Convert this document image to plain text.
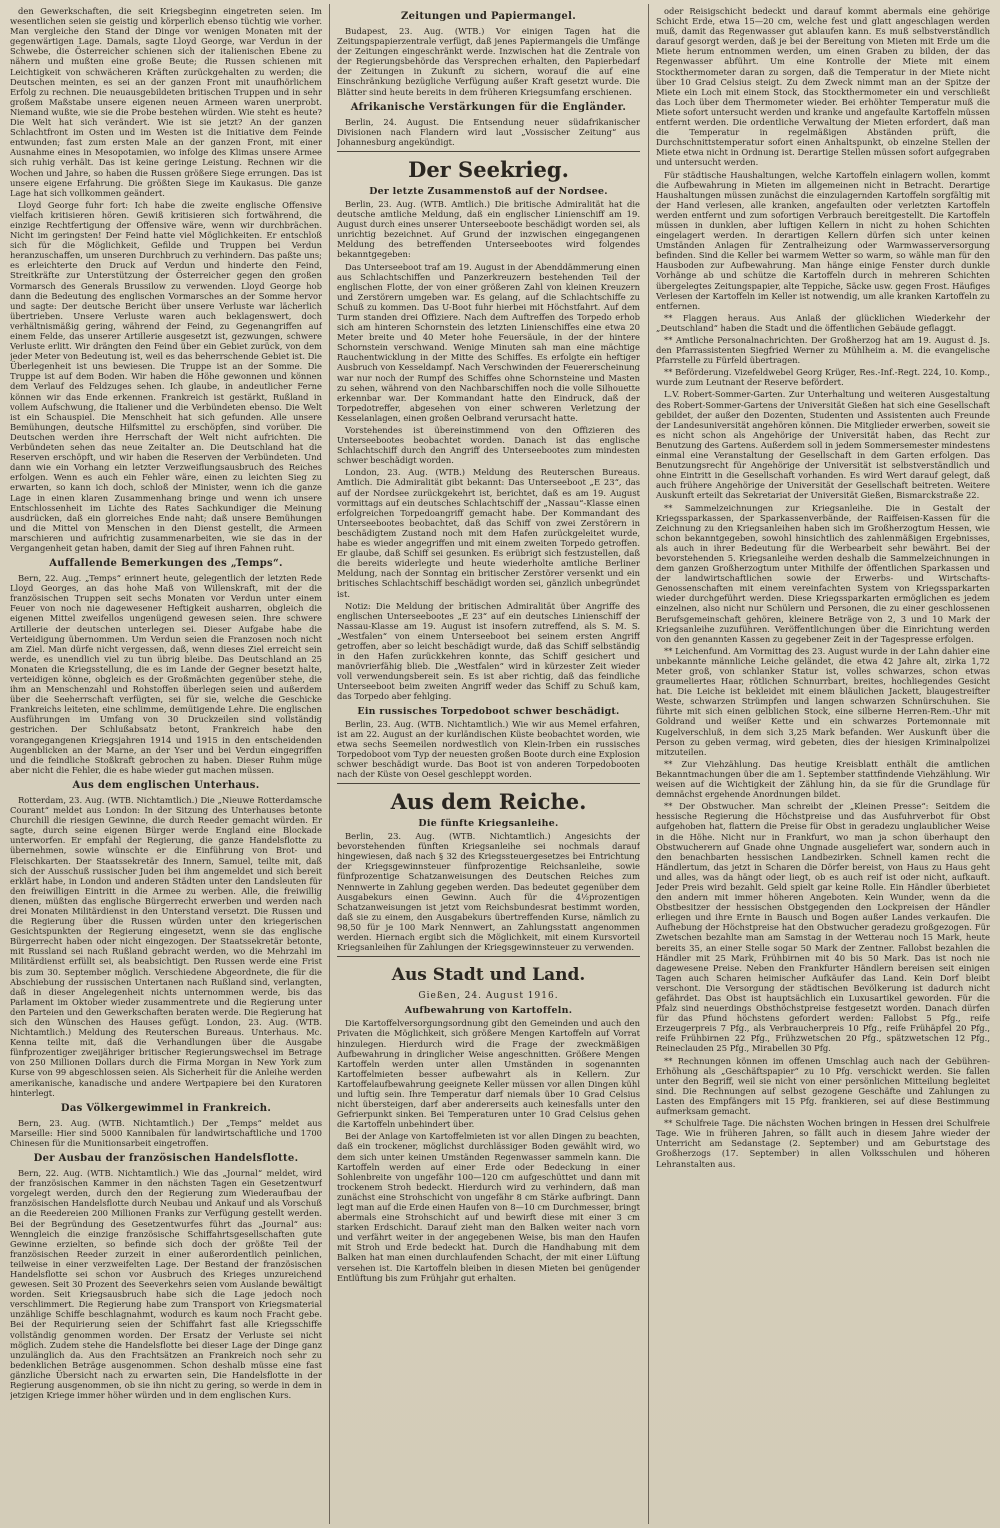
den Gewerkschaften, die seit Kriegsbeginn eingetreten seien. Im wesentlichen seien sie geistig und körperlich ebenso tüchtig wie vorher. Man vergleiche den Stand der Dinge vor wenigen Monaten mit der gegenwärtigen Lage. Damals, sagte Lloyd George, war Verdun in der Schwebe, die Österreicher schienen sich der italienischen Ebene zu nähern und mußten eine große Beute; die Russen schienen mit Leichtigkeit von schwächeren Kräften zurückgehalten zu werden; die Deutschen meinten, es sei an der ganzen Front mit unaufhörlichem Erfolg zu rechnen. Die neuausgebildeten britischen Truppen und in sehr großem Maßstabe unsere eigenen neuen Armeen waren unerprobt. Niemand wußte, wie sie die Probe bestehen würden. Wie steht es heute? Die Welt hat sich verändert. Wie ist sie jetzt? An der ganzen Schlachtfront im Osten und im Westen ist die Initiative dem Feinde entwunden; fast zum ersten Male an der ganzen Front, mit einer Ausnahme eines in Mesopotamien, wo infolge des Klimas unsere Armee sich ruhig verhält. Das ist keine geringe Leistung. Rechnen wir die Wochen und Jahre, so haben die Russen größere Siege errungen. Das ist unsere eigene Erfahrung. Die größten Siege im Kaukasus. Die ganze Lage hat sich vollkommen geändert.

Lloyd George fuhr fort: Ich habe die zweite englische Offensive vielfach kritisieren hören. Gewiß kritisieren sich fortwährend, die einzige Rechtfertigung der Offensive wäre, wenn wir durchbrächen. Nicht im geringsten! Der Feind hatte viel Möglichkeiten. Er entschloß sich für die Möglichkeit, Gefilde und Truppen bei Verdun heranzuschaffen, um unseren Durchbruch zu verhindern. Das paßte uns; es erleichterte den Druck auf Verdun und hinderte den Feind, Streitkräfte zur Unterstützung der Österreicher gegen den großen Vormarsch des Generals Brussilow zu verwenden. Lloyd George hob dann die Bedeutung des englischen Vormarsches an der Somme hervor und sagte: Der deutsche Bericht über unsere Verluste war lächerlich übertrieben. Unsere Verluste waren auch beklagenswert, doch verhältnismäßig gering, während der Feind, zu Gegenangriffen auf einem Felde, das unserer Artillerie ausgesetzt ist, gezwungen, schwere Verluste erlitt. Wir drängten den Feind über ein Gebiet zurück, von dem jeder Meter von Bedeutung ist, weil es das beherrschende Gebiet ist. Die Überlegenheit ist uns bewiesen. Die Truppe ist an der Somme. Die Truppe ist auf dem Boden. Wir haben die Höhe gewonnen und können dem Verlauf des Feldzuges sehen. Ich glaube, in andeutlicher Ferne können wir das Ende erkennen. Frankreich ist gestärkt, Rußland in vollem Aufschwung, die Italiener und die Verbündeten ebenso. Die Welt ist ein Schauspiel. Die Menschheit hat sich gefunden. Alle unsere Bemühungen, deutsche Hilfsmittel zu erschöpfen, sind vorüber. Die Deutschen werden ihre Herrschaft der Welt nicht aufrichten. Die Verbündeten sehen das neue Zeitalter an. Die Deutschland hat die Reserven erschöpft, und wir haben die Reserven der Verbündeten. Und dann wie ein Vorhang ein letzter Verzweiflungsausbruch des Reiches erfolgen. Wenn es auch ein Fehler wäre, einen zu leichten Sieg zu erwarten, so kann ich doch, schloß der Minister, wenn ich die ganze Lage in einen klaren Zusammenhang bringe und wenn ich unsere Entschlossenheit im Lichte des Rates Sachkundiger die Meinung ausdrücken, daß ein glorreiches Ende naht; daß unsere Bemühungen und die Mittel von Menschen in den Dienst gestellt, die Armeen marschieren und aufrichtig zusammenarbeiten, wie sie das in der Vergangenheit getan haben, damit der Sieg auf ihren Fahnen ruht.

Auffallende Bemerkungen des „Temps“.

Bern, 22. Aug. „Temps“ erinnert heute, gelegentlich der letzten Rede Lloyd Georges, an das hohe Maß von Willenskraft, mit der die französischen Truppen seit sechs Monaten vor Verdun unter einem Feuer von noch nie dagewesener Heftigkeit ausharren, obgleich die eigenen Mittel zweifellos ungenügend gewesen seien. Ihre schwere Artillerie der deutschen unterlegen sei. Dieser Aufgabe habe die Verteidigung übernommen. Um Verdun seien die Franzosen noch nicht am Ziel. Man dürfe nicht vergessen, daß, wenn dieses Ziel erreicht sein werde, es unendlich viel zu tun übrig bleibe. Das Deutschland an 25 Monaten die Kriegsstellung, die es im Lande der Gegner besetzt halte, verteidigen könne, obgleich es der Großmächten gegenüber stehe, die ihm an Menschenzahl und Rohstoffen überlegen seien und außerdem über die Seeherrschaft verfügten, sei für sie, welche die Geschicke Frankreichs leiteten, eine schlimme, demütigende Lehre. Die englischen Ausführungen im Umfang von 30 Druckzeilen sind vollständig gestrichen. Der Schlußabsatz betont, Frankreich habe den vorangegangenen Kriegsjahren 1914 und 1915 in den entscheidenden Augenblicken an der Marne, an der Yser und bei Verdun eingegriffen und die feindliche Stoßkraft gebrochen zu haben. Dieser Ruhm müge aber nicht die Fehler, die es habe wieder gut machen müssen.

Aus dem englischen Unterhaus.

Rotterdam, 23. Aug. (WTB. Nichtamtlich.) Die „Nieuwe Rotterdamsche Courant“ meldet aus London: In der Sitzung des Unterhauses betonte Churchill die riesigen Gewinne, die durch Reeder gemacht würden. Er sagte, durch seine eigenen Bürger werde England eine Blockade unterworfen. Er empfahl der Regierung, die ganze Handelsflotte zu übernehmen, sowie wünschte er die Einführung von Brot- und Fleischkarten. Der Staatssekretär des Innern, Samuel, teilte mit, daß sich der Ausschuß russischer Juden bei ihm angemeldet und sich bereit erklärt habe, in London und anderen Städten unter den Landsleuten für den freiwilligen Eintritt in die Armee zu werben. Alle, die freiwillig dienen, müßten das englische Bürgerrecht erwerben und werden nach drei Monaten Militärdienst in den Unterstand versetzt. Die Russen und die Regierung über die Russen würden unter den kriegerischen Gesichtspunkten der Regierung eingesetzt, wenn sie das englische Bürgerrecht haben oder nicht eingezogen. Der Staatssekretär betonte, mit Russland sei nach Rußland gebracht werden, wo die Mehrzahl im Militärdienst erfüllt sei, als beabsichtigt. Den Russen werde eine Frist bis zum 30. September möglich. Verschiedene Abgeordnete, die für die Abschiebung der russischen Untertanen nach Rußland sind, verlangten, daß in dieser Angelegenheit nichts unternommen werde, bis das Parlament im Oktober wieder zusammentrete und die Regierung unter den Parteien und den Gewerkschaften beraten werde. Die Regierung hat sich den Wünschen des Hauses gefügt. London, 23. Aug. (WTB. Nichtamtlich.) Meldung des Reuterschen Bureaus. Unterhaus. Mc. Kenna teilte mit, daß die Verhandlungen über die Ausgabe fünfprozentiger zweijähriger britischer Regierungswechsel im Betrage von 250 Millionen Dollars durch die Firma Morgan in New York zum Kurse von 99 abgeschlossen seien. Als Sicherheit für die Anleihe werden amerikanische, kanadische und andere Wertpapiere bei den Kuratoren hinterlegt.

Das Völkergewimmel in Frankreich.

Bern, 23. Aug. (WTB. Nichtamtlich.) Der „Temps“ meldet aus Marseille: Hier sind 5000 Kannibalen für landwirtschaftliche und 1700 Chinesen für die Munitionsarbeit eingetroffen.

Der Ausbau der französischen Handelsflotte.

Bern, 22. Aug. (WTB. Nichtamtlich.) Wie das „Journal“ meldet, wird der französischen Kammer in den nächsten Tagen ein Gesetzentwurf vorgelegt werden, durch den der Regierung zum Wiederaufbau der französischen Handelsflotte durch Neubau und Ankauf und als Vorschuß an die Reedereien 200 Millionen Franks zur Verfügung gestellt werden. Bei der Begründung des Gesetzentwurfes führt das „Journal“ aus: Wenngleich die einzige französische Schiffahrtsgesellschaften gute Gewinne erzielten, so befinde sich doch der größte Teil der französischen Reeder zurzeit in einer außerordentlich peinlichen, teilweise in einer verzweifelten Lage. Der Bestand der französischen Handelsflotte sei schon vor Ausbruch des Krieges unzureichend gewesen. Seit 30 Prozent des Seeverkehrs seien vom Auslande bewältigt worden. Seit Kriegsausbruch habe sich die Lage jedoch noch verschlimmert. Die Regierung habe zum Transport von Kriegsmaterial unzählige Schiffe beschlagnahmt, wodurch es kaum noch Fracht gebe. Bei der Requirierung seien der Schiffahrt fast alle Kriegsschiffe vollständig genommen worden. Der Ersatz der Verluste sei nicht möglich. Zudem stehe die Handelsflotte bei dieser Lage der Dinge ganz unzulänglich da. Aus den Frachtsätzen an Frankreich noch sehr zu bedenklichen Beträge ausgenommen. Schon deshalb müsse eine fast gänzliche Übersicht nach zu erwarten sein, Die Handelsflotte in der Regierung ausgenommen, ob sie ihn nicht zu gering, so werde in dem in jetzigen Kriege immer höher würden und in dem englischen Kurs.

Zeitungen und Papiermangel.

Budapest, 23. Aug. (WTB.) Vor einigen Tagen hat die Zeitungspapierzentrale verfügt, daß jenes Papiermangels die Umfänge der Zeitungen eingeschränkt werde. Inzwischen hat die Zentrale von der Regierungsbehörde das Versprechen erhalten, den Papierbedarf der Zeitungen in Zukunft zu sichern, worauf die auf eine Einschränkung bezügliche Verfügung außer Kraft gesetzt wurde. Die Blätter sind heute bereits in dem früheren Kriegsumfang erschienen.

Afrikanische Verstärkungen für die Engländer.

Berlin, 24. August. Die Entsendung neuer südafrikanischer Divisionen nach Flandern wird laut „Vossischer Zeitung“ aus Johannesburg angekündigt.

Der Seekrieg.
Der letzte Zusammenstoß auf der Nordsee.

Berlin, 23. Aug. (WTB. Amtlich.) Die britische Admiralität hat die deutsche amtliche Meldung, daß ein englischer Linienschiff am 19. August durch eines unserer Unterseeboote beschädigt worden sei, als unrichtig bezeichnet. Auf Grund der inzwischen eingegangenen Meldung des betreffenden Unterseebootes wird folgendes bekanntgegeben:

Das Unterseeboot traf am 19. August in der Abenddämmerung einen aus Schlachtschiffen und Panzerkreuzern bestehenden Teil der englischen Flotte, der von einer größeren Zahl von kleinen Kreuzern und Zerstörern umgeben war. Es gelang, auf die Schlachtschiffe zu Schuß zu kommen. Das U-Boot fuhr hierbei mit Höchstfahrt. Auf dem Turm standen drei Offiziere. Nach dem Auftreffen des Torpedo erhob sich am hinteren Schornstein des letzten Linienschiffes eine etwa 20 Meter breite und 40 Meter hohe Feuersäule, in der der hintere Schornstein verschwand. Wenige Minuten sah man eine mächtige Rauchentwicklung in der Mitte des Schiffes. Es erfolgte ein heftiger Ausbruch von Kesseldampf. Nach Verschwinden der Feuererscheinung war nur noch der Rumpf des Schiffes ohne Schornsteine und Masten zu sehen, während von den Nachbarschiffen noch die volle Silhouette erkennbar war. Der Kommandant hatte den Eindruck, daß der Torpedotreffer, abgesehen von einer schweren Verletzung der Kesselanlagen, einen großen Oelbrand verursacht hatte.

Vorstehendes ist übereinstimmend von den Offizieren des Unterseebootes beobachtet worden. Danach ist das englische Schlachtschiff durch den Angriff des Unterseebootes zum mindesten schwer beschädigt worden.

London, 23. Aug. (WTB.) Meldung des Reuterschen Bureaus. Amtlich. Die Admiralität gibt bekannt: Das Unterseeboot „E 23“, das auf der Nordsee zurückgekehrt ist, berichtet, daß es am 19. August vormittags auf ein deutsches Schlachtschiff der „Nassau“-Klasse einen erfolgreichen Torpedoangriff gemacht habe. Der Kommandant des Unterseebootes beobachtet, daß das Schiff von zwei Zerstörern in beschädigtem Zustand noch mit dem Hafen zurückgeleitet wurde, habe es wieder angegriffen und mit einem zweiten Torpedo getroffen. Er glaube, daß Schiff sei gesunken. Es erübrigt sich festzustellen, daß die bereits widerlegte und heute wiederholte amtliche Berliner Meldung, nach der Sonntag ein britischer Zerstörer versenkt und ein britisches Schlachtschiff beschädigt worden sei, gänzlich unbegründet ist.

Notiz: Die Meldung der britischen Admiralität über Angriffe des englischen Unterseebootes „E 23“ auf ein deutsches Linienschiff der Nassau-Klasse am 19. August ist insofern zutreffend, als S. M. S. „Westfalen“ von einem Unterseeboot bei seinem ersten Angriff getroffen, aber so leicht beschädigt wurde, daß das Schiff selbständig in den Hafen zurückkehren konnte, das Schiff gesichert und manövrierfähig blieb. Die „Westfalen“ wird in kürzester Zeit wieder voll verwendungsbereit sein. Es ist aber richtig, daß das feindliche Unterseeboot beim zweiten Angriff weder das Schiff zu Schuß kam, das Torpedo aber fehlging.

Ein russisches Torpedoboot schwer beschädigt.

Berlin, 23. Aug. (WTB. Nichtamtlich.) Wie wir aus Memel erfahren, ist am 22. August an der kurländischen Küste beobachtet worden, wie etwa sechs Seemeilen nordwestlich von Klein-Irben ein russisches Torpedoboot vom Typ der neuesten großen Boote durch eine Explosion schwer beschädigt wurde. Das Boot ist von anderen Torpedobooten nach der Küste von Oesel geschleppt worden.

Aus dem Reiche.
Die fünfte Kriegsanleihe.

Berlin, 23. Aug. (WTB. Nichtamtlich.) Angesichts der bevorstehenden fünften Kriegsanleihe sei nochmals darauf hingewiesen, daß nach § 32 des Kriegssteuergesetzes bei Entrichtung der Kriegsgewinnsteuer fünfprozentige Reichsanleihe, sowie fünfprozentige Schatzanweisungen des Deutschen Reiches zum Nennwerte in Zahlung gegeben werden. Das bedeutet gegenüber dem Ausgabekurs einen Gewinn. Auch für die 4½prozentigen Schatzanweisungen ist jetzt vom Reichsbundesrat bestimmt worden, daß sie zu einem, den Ausgabekurs übertreffenden Kurse, nämlich zu 98,50 für je 100 Mark Nennwert, an Zahlungsstatt angenommen werden. Hiernach ergibt sich die Möglichkeit, mit einem Kursvorteil Kriegsanleihen für Zahlungen der Kriegsgewinnsteuer zu verwenden.

Aus Stadt und Land.
Gießen, 24. August 1916.
Aufbewahrung von Kartoffeln.

Die Kartoffelversorgungsordnung gibt den Gemeinden und auch den Privaten die Möglichkeit, sich größere Mengen Kartoffeln auf Vorrat hinzulegen. Hierdurch wird die Frage der zweckmäßigen Aufbewahrung in dringlicher Weise angeschnitten. Größere Mengen Kartoffeln werden unter allen Umständen in sogenannten Kartoffelmieten besser aufbewahrt als in Kellern. Zur Kartoffelaufbewahrung geeignete Keller müssen vor allen Dingen kühl und luftig sein. Ihre Temperatur darf niemals über 10 Grad Celsius nicht übersteigen, darf aber andererseits auch keinesfalls unter den Gefrierpunkt sinken. Bei Temperaturen unter 10 Grad Celsius gehen die Kartoffeln unbehindert über.

Bei der Anlage von Kartoffelmieten ist vor allen Dingen zu beachten, daß ein trockener, möglichst durchlässiger Boden gewählt wird, wo dem sich unter keinen Umständen Regenwasser sammeln kann. Die Kartoffeln werden auf einer Erde oder Bedeckung in einer Sohlenbreite von ungefähr 100—120 cm aufgeschüttet und dann mit trockenem Stroh bedeckt. Hierdurch wird zu verhindern, daß man zunächst eine Strohschicht von ungefähr 8 cm Stärke aufbringt. Dann legt man auf die Erde einen Haufen von 8—10 cm Durchmesser, bringt abermals eine Strohschicht auf und bewirft diese mit einer 3 cm starken Erdschicht. Darauf zieht man den Balken weiter nach vorn und verfährt weiter in der angegebenen Weise, bis man den Haufen mit Stroh und Erde bedeckt hat. Durch die Handhabung mit dem Balken hat man einen durchlaufenden Schacht, der mit einer Lüftung versehen ist. Die Kartoffeln bleiben in diesen Mieten bei genügender Entlüftung bis zum Frühjahr gut erhalten.

oder Reisigschicht bedeckt und darauf kommt abermals eine gehörige Schicht Erde, etwa 15—20 cm, welche fest und glatt angeschlagen werden muß, damit das Regenwasser gut ablaufen kann. Es muß selbstverständlich darauf gesorgt werden, daß je bei der Bereitung von Mieten mit Erde um die Miete herum entnommen werden, um einen Graben zu bilden, der das Regenwasser abführt. Um eine Kontrolle der Miete mit einem Stockthermometer daran zu sorgen, daß die Temperatur in der Miete nicht über 10 Grad Celsius steigt. Zu dem Zweck nimmt man an der Spitze der Miete ein Loch mit einem Stock, das Stockthermometer ein und verschließt das Loch über dem Thermometer wieder. Bei erhöhter Temperatur muß die Miete sofort untersucht werden und kranke und angefaulte Kartoffeln müssen entfernt werden. Die ordentliche Verwaltung der Mieten erfordert, daß man die Temperatur in regelmäßigen Abständen prüft, die Durchschnittstemperatur sofort einen Anhaltspunkt, ob einzelne Stellen der Miete etwa nicht in Ordnung ist. Derartige Stellen müssen sofort aufgegraben und untersucht werden.

Für städtische Haushaltungen, welche Kartoffeln einlagern wollen, kommt die Aufbewahrung in Mieten im allgemeinen nicht in Betracht. Derartige Haushaltungen müssen zunächst die einzulagernden Kartoffeln sorgfältig mit der Hand verlesen, alle kranken, angefaulten oder verletzten Kartoffeln werden entfernt und zum sofortigen Verbrauch bereitgestellt. Die Kartoffeln müssen in dunklen, aber luftigen Kellern in nicht zu hohen Schichten eingelagert werden. In derartigen Kellern dürfen sich unter keinen Umständen Anlagen für Zentralheizung oder Warmwasserversorgung befinden. Sind die Keller bei warmem Wetter so warm, so wähle man für den Hausboden zur Aufbewahrung. Man hänge einige Fenster durch dunkle Vorhänge ab und schütze die Kartoffeln durch in mehreren Schichten übergelegtes Zeitungspapier, alte Teppiche, Säcke usw. gegen Frost. Häufiges Verlesen der Kartoffeln im Keller ist notwendig, um alle kranken Kartoffeln zu entfernen.

** Flaggen heraus. Aus Anlaß der glücklichen Wiederkehr der „Deutschland“ haben die Stadt und die öffentlichen Gebäude geflaggt.

** Amtliche Personalnachrichten. Der Großherzog hat am 19. August d. Js. den Pfarrassistenten Siegfried Werner zu Mühlheim a. M. die evangelische Pfarrstelle zu Fürfeld übertragen.

** Beförderung. Vizefeldwebel Georg Krüger, Res.-Inf.-Regt. 224, 10. Komp., wurde zum Leutnant der Reserve befördert.

L.V. Robert-Sommer-Garten. Zur Unterhaltung und weiteren Ausgestaltung des Robert-Sommer-Gartens der Universität Gießen hat sich eine Gesellschaft gebildet, der außer den Dozenten, Studenten und Assistenten auch Freunde der Landesuniversität angehören können. Die Mitglieder erwerben, soweit sie es nicht schon als Angehörige der Universität haben, das Recht zur Benutzung des Gartens. Außerdem soll in jedem Sommersemester mindestens einmal eine Veranstaltung der Gesellschaft in dem Garten erfolgen. Das Benutzungsrecht für Angehörige der Universität ist selbstverständlich und ohne Eintritt in die Gesellschaft vorhanden. Es wird Wert darauf gelegt, daß auch frühere Angehörige der Universität der Gesellschaft beitreten. Weitere Auskunft erteilt das Sekretariat der Universität Gießen, Bismarckstraße 22.

** Sammelzeichnungen zur Kriegsanleihe. Die in Gestalt der Kriegssparkassen, der Sparkassenverbände, der Raiffeisen-Kassen für die Zeichnung zu den Kriegsanleihen haben sich im Großherzogtum Hessen, wie schon bekanntgegeben, sowohl hinsichtlich des zahlenmäßigen Ergebnisses, als auch in ihrer Bedeutung für die Werbearbeit sehr bewährt. Bei der bevorstehenden 5. Kriegsanleihe werden deshalb die Sammelzeichnungen in dem ganzen Großherzogtum unter Mithilfe der öffentlichen Sparkassen und der landwirtschaftlichen sowie der Erwerbs- und Wirtschafts-Genossenschaften mit einem vereinfachten System von Kriegssparkarten wieder durchgeführt werden. Diese Kriegssparkarten ermöglichen es jedem einzelnen, also nicht nur Schülern und Personen, die zu einer geschlossenen Berufsgemeinschaft gehören, kleinere Beträge von 2, 3 und 10 Mark der Kriegsanleihe zuzuführen. Veröffentlichungen über die Einrichtung werden von den genannten Kassen zu gegebener Zeit in der Tagespresse erfolgen.

** Leichenfund. Am Vormittag des 23. August wurde in der Lahn dahier eine unbekannte männliche Leiche geländet, die etwa 42 Jahre alt, zirka 1,72 Meter groß, von schlanker Statur ist, volles schwarzes, schon etwas graumeliertes Haar, rötlichen Schnurrbart, breites, hochliegendes Gesicht hat. Die Leiche ist bekleidet mit einem bläulichen Jackett, blaugestreifter Weste, schwarzen Strümpfen und langen schwarzen Schnürschuhen. Sie führte mit sich einen gelblichen Stock, eine silberne Herren-Rem.-Uhr mit Goldrand und weißer Kette und ein schwarzes Portemonnaie mit Kugelverschluß, in dem sich 3,25 Mark befanden. Wer Auskunft über die Person zu geben vermag, wird gebeten, dies der hiesigen Kriminalpolizei mitzuteilen.

** Zur Viehzählung. Das heutige Kreisblatt enthält die amtlichen Bekanntmachungen über die am 1. September stattfindende Viehzählung. Wir weisen auf die Wichtigkeit der Zählung hin, da sie für die Grundlage für demnächst ergehende Anordnungen bildet.

** Der Obstwucher. Man schreibt der „Kleinen Presse“: Seitdem die hessische Regierung die Höchstpreise und das Ausfuhrverbot für Obst aufgehoben hat, flattern die Preise für Obst in geradezu unglaublicher Weise in die Höhe. Nicht nur in Frankfurt, wo man ja schon überhaupt den Obstwucherern auf Gnade ohne Ungnade ausgeliefert war, sondern auch in den benachbarten hessischen Landbezirken. Schnell kamen recht die Händlertum, das jetzt in Scharen die Dörfer bereist, von Haus zu Haus geht und alles, was da hängt oder liegt, ob es auch reif ist oder nicht, aufkauft. Jeder Preis wird bezahlt. Geld spielt gar keine Rolle. Ein Händler überbietet den andern mit immer höheren Angeboten. Kein Wunder, wenn da die Obstbesitzer der hessischen Obstgegenden den Lockpreisen der Händler erliegen und ihre Ernte in Bausch und Bogen außer Landes verkaufen. Die Aufhebung der Höchstpreise hat den Obstwucher geradezu großgezogen. Für Zwetschen bezahlte man am Samstag in der Wetterau noch 15 Mark, heute bereits 35, an einer Stelle sogar 50 Mark der Zentner. Fallobst bezahlen die Händler mit 25 Mark, Frühbirnen mit 40 bis 50 Mark. Das ist noch nie dagewesene Preise. Neben den Frankfurter Händlern bereisen seit einigen Tagen auch Scharen heimischer Aufkäufer das Land. Kein Dorf bleibt verschont. Die Versorgung der städtischen Bevölkerung ist dadurch nicht gefährdet. Das Obst ist hauptsächlich ein Luxusartikel geworden. Für die Pfalz sind neuerdings Obsthöchstpreise festgesetzt worden. Danach dürfen für das Pfund höchstens gefordert werden: Fallobst 5 Pfg., reife Erzeugerpreis 7 Pfg., als Verbraucherpreis 10 Pfg., reife Frühäpfel 20 Pfg., reife Frühbirnen 22 Pfg., Frühzwetschen 20 Pfg., spätzwetschen 12 Pfg., Reineclauden 25 Pfg., Mirabellen 30 Pfg.

** Rechnungen können im offenen Umschlag auch nach der Gebühren-Erhöhung als „Geschäftspapier“ zu 10 Pfg. verschickt werden. Sie fallen unter den Begriff, weil sie nicht von einer persönlichen Mitteilung begleitet sind. Die Rechnungen auf selbst gezogene Geschäfte und Zahlungen zu Lasten des Empfängers mit 15 Pfg. frankieren, sei auf diese Bestimmung aufmerksam gemacht.

** Schulfreie Tage. Die nächsten Wochen bringen in Hessen drei Schulfreie Tage. Wie in früheren Jahren, so fällt auch in diesem Jahre wieder der Unterricht am Sedanstage (2. September) und am Geburtstage des Großherzogs (17. September) in allen Volksschulen und höheren Lehranstalten aus.
